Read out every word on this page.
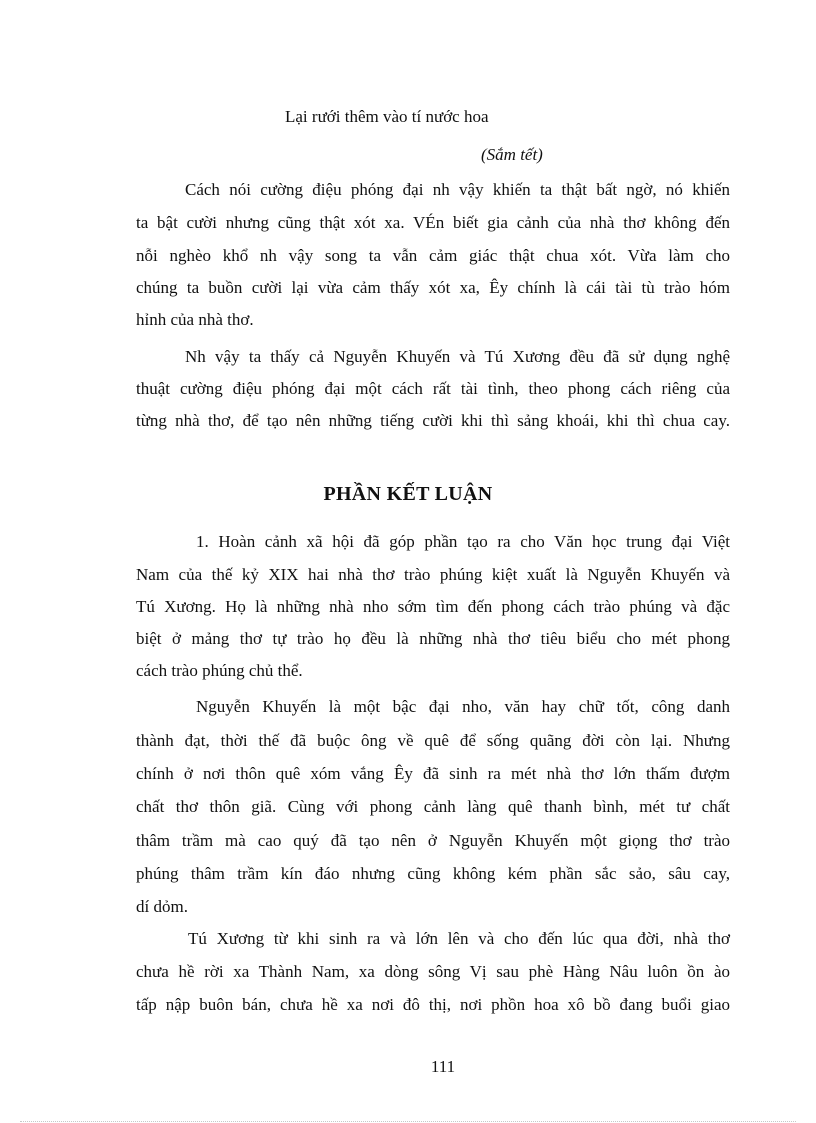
Lại rưới thêm vào tí nước hoa
(Sắm tết)
Cách nói cường điệu phóng đại nh vậy khiến ta thật bất ngờ, nó khiến
ta bật cười nhưng cũng thật xót xa. VÉn biết gia cảnh của nhà thơ không đến
nỗi nghèo khổ nh vậy song ta vẫn cảm giác thật chua xót. Vừa làm cho
chúng ta buồn cười lại vừa cảm thấy xót xa, Êy chính là cái tài tù trào hóm
hỉnh của nhà thơ.
Nh vậy ta thấy cả Nguyễn Khuyến và Tú Xương đều đã sử dụng nghệ
thuật cường điệu phóng đại một cách rất tài tình, theo phong cách riêng của
từng nhà thơ, để tạo nên những tiếng cười khi thì sảng khoái, khi thì chua cay.
PHẦN KẾT LUẬN
1. Hoàn cảnh xã hội đã góp phần tạo ra cho Văn học trung đại Việt
Nam của thế kỷ XIX hai nhà thơ trào phúng kiệt xuất là Nguyễn Khuyến và
Tú Xương. Họ là những nhà nho sớm tìm đến phong cách trào phúng và đặc
biệt ở mảng thơ tự trào họ đều là những nhà thơ tiêu biểu cho mét phong
cách trào phúng chủ thể.
Nguyễn Khuyến là một bậc đại nho, văn hay chữ tốt, công danh
thành đạt, thời thế đã buộc ông về quê để sống quãng đời còn lại. Nhưng
chính ở nơi thôn quê xóm vắng Êy đã sinh ra mét nhà thơ lớn thấm đượm
chất thơ thôn giã. Cùng với phong cảnh làng quê thanh bình, mét tư chất
thâm trầm mà cao quý đã tạo nên ở Nguyễn Khuyến một giọng thơ trào
phúng thâm trầm kín đáo nhưng cũng không kém phần sắc sảo, sâu cay,
dí dỏm.
Tú Xương từ khi sinh ra và lớn lên và cho đến lúc qua đời, nhà thơ
chưa hề rời xa Thành Nam, xa dòng sông Vị sau phè Hàng Nâu luôn ồn ào
tấp nập buôn bán, chưa hề xa nơi đô thị, nơi phồn hoa xô bồ đang buổi giao
111
